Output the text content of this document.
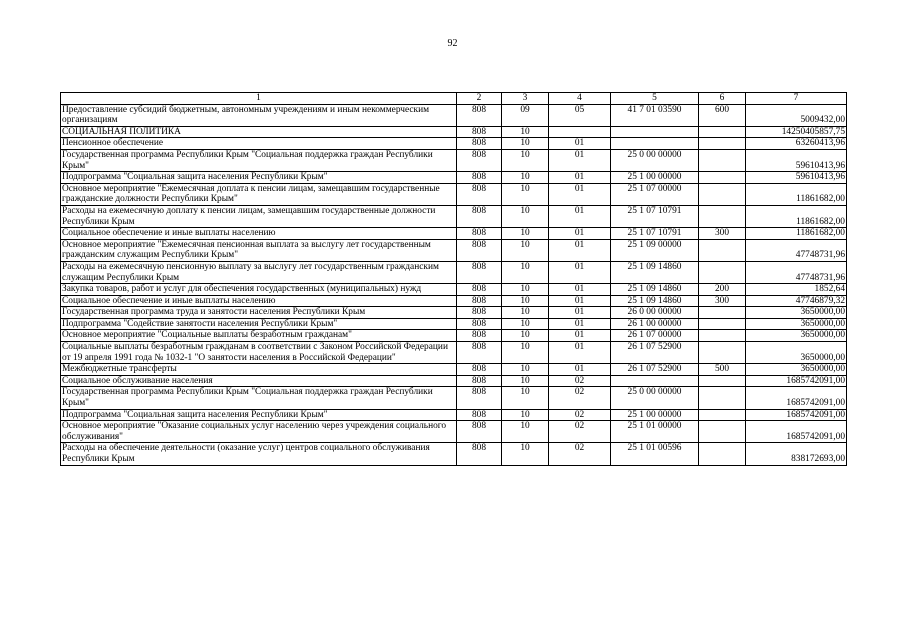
92
1	2	3	4	5	6	7
Предоставление субсидий бюджетным, автономным учреждениям и иным некоммерческим организациям	808	09	05	41 7 01 03590	600	5009432,00
СОЦИАЛЬНАЯ ПОЛИТИКА	808	10				14250405857,75
Пенсионное обеспечение	808	10	01			63260413,96
Государственная программа Республики Крым "Социальная поддержка граждан Республики Крым"	808	10	01	25 0 00 00000		59610413,96
Подпрограмма "Социальная защита населения Республики Крым"	808	10	01	25 1 00 00000		59610413,96
Основное мероприятие "Ежемесячная доплата к пенсии лицам, замещавшим государственные гражданские должности Республики Крым"	808	10	01	25 1 07 00000		11861682,00
Расходы на ежемесячную доплату к пенсии лицам, замещавшим государственные должности Республики Крым	808	10	01	25 1 07 10791		11861682,00
Социальное обеспечение и иные выплаты населению	808	10	01	25 1 07 10791	300	11861682,00
Основное мероприятие "Ежемесячная пенсионная выплата за выслугу лет государственным гражданским служащим Республики Крым"	808	10	01	25 1 09 00000		47748731,96
Расходы на ежемесячную пенсионную выплату за выслугу лет государственным гражданским служащим Республики Крым	808	10	01	25 1 09 14860		47748731,96
Закупка товаров, работ и услуг для обеспечения государственных (муниципальных) нужд	808	10	01	25 1 09 14860	200	1852,64
Социальное обеспечение и иные выплаты населению	808	10	01	25 1 09 14860	300	47746879,32
Государственная программа труда и занятости населения Республики Крым	808	10	01	26 0 00 00000		3650000,00
Подпрограмма "Содействие занятости населения Республики Крым"	808	10	01	26 1 00 00000		3650000,00
Основное мероприятие "Социальные выплаты безработным гражданам"	808	10	01	26 1 07 00000		3650000,00
Социальные выплаты безработным гражданам в соответствии с Законом Российской Федерации от 19 апреля 1991 года № 1032-1 "О занятости населения в Российской Федерации"	808	10	01	26 1 07 52900		3650000,00
Межбюджетные трансферты	808	10	01	26 1 07 52900	500	3650000,00
Социальное обслуживание населения	808	10	02			1685742091,00
Государственная программа Республики Крым "Социальная поддержка граждан Республики Крым"	808	10	02	25 0 00 00000		1685742091,00
Подпрограмма "Социальная защита населения Республики Крым"	808	10	02	25 1 00 00000		1685742091,00
Основное мероприятие "Оказание социальных услуг населению через учреждения социального обслуживания"	808	10	02	25 1 01 00000		1685742091,00
Расходы на обеспечение деятельности (оказание услуг) центров социального обслуживания Республики Крым	808	10	02	25 1 01 00596		838172693,00
